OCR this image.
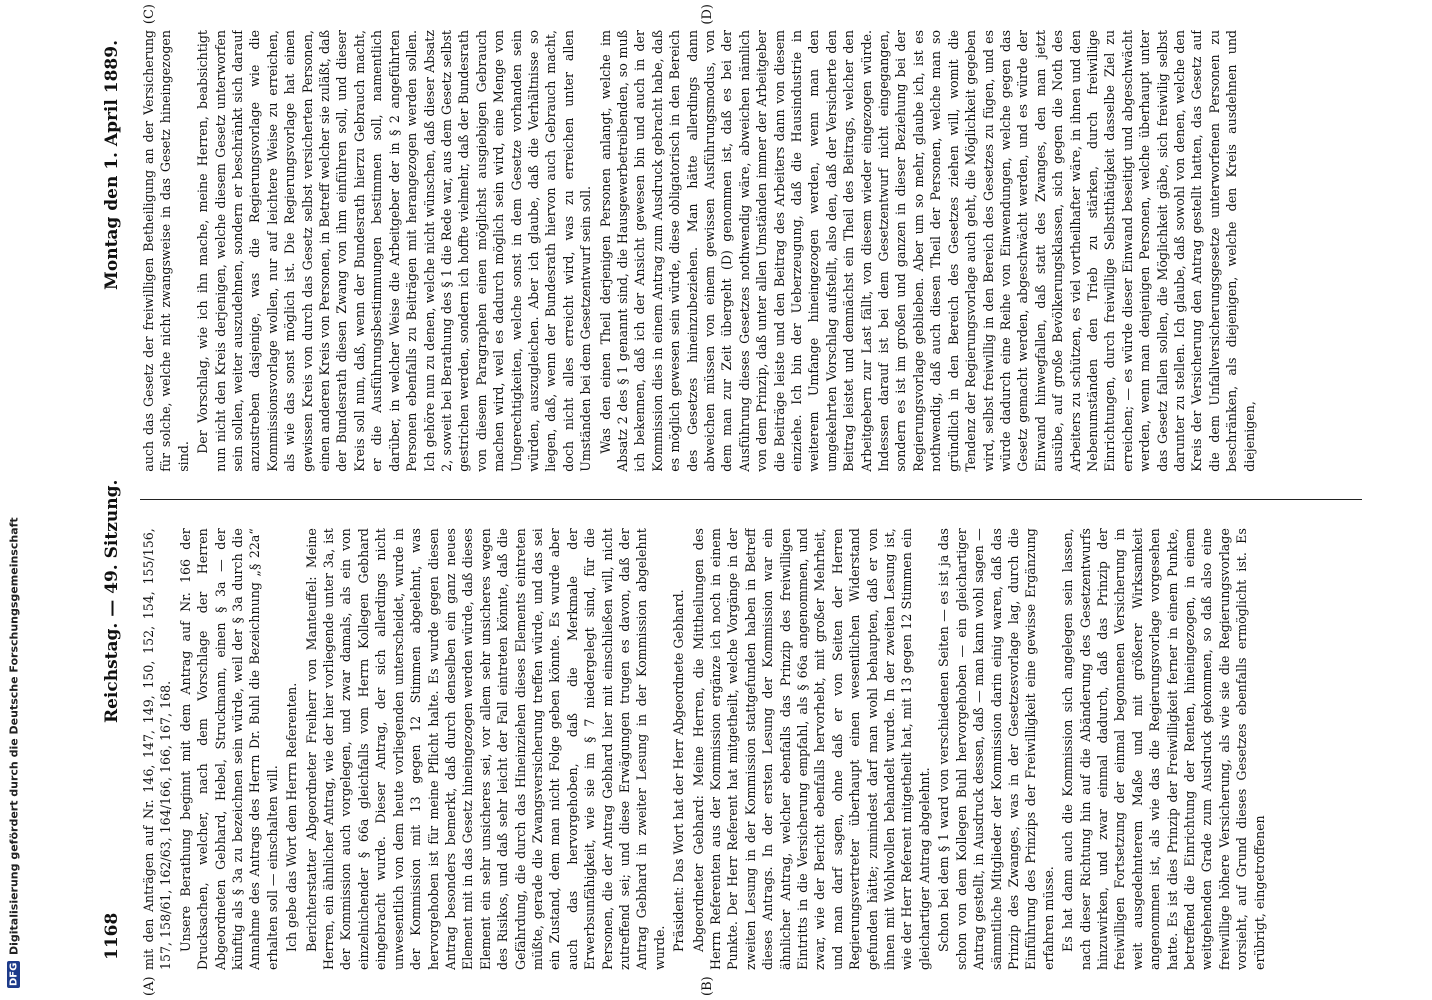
DFG
Digitalisierung gefördert durch die Deutsche Forschungsgemeinschaft	1168
Reichstag. — 49. Sitzung.
Montag den 1. April 1889.

mit den Anträgen auf Nr. 146, 147, 149, 150, 152, 154, 155/156, 157, 158/61, 162/63, 164/166, 166, 167, 168. Unsere Berathung beginnt mit dem Antrag auf Nr. 166 der Drucksachen, welcher, nach dem Vorschlage der Herren Abgeordneten Gebhard, Hebel, Struckmann, einen § 3a — der künftig als § 3a zu bezeichnen sein würde, weil der § 3a durch die Annahme des Antrags des Herrn Dr. Buhl die Bezeichnung „§ 22a“ erhalten soll — einschalten will. Ich gebe das Wort dem Herrn Referenten. Berichterstatter Abgeordneter Freiherr von Manteuffel: Meine Herren, ein ähnlicher Antrag, wie der hier vorliegende unter 3a, ist der Kommission auch vorgelegen, und zwar damals, als ein von einzelnichender § 66a gleichfalls vom Herrn Kollegen Gebhard eingebracht wurde. Dieser Antrag, der sich allerdings nicht unwesentlich von dem heute vorliegenden unterscheidet, wurde in der Kommission mit 13 gegen 12 Stimmen abgelehnt, was hervorgehoben ist für meine Pflicht halte. Es wurde gegen diesen Antrag besonders bemerkt, daß durch denselben ein ganz neues Element mit in das Gesetz hineingezogen werden würde, daß dieses Element ein sehr unsicheres sei, vor allem sehr unsicheres wegen des Risikos, und daß sehr leicht der Fall eintreten könnte, daß die Gefährdung, die durch das Hineinziehen dieses Elements eintreten müßte, gerade die Zwangsversicherung treffen würde, und das sei ein Zustand, dem man nicht Folge geben könnte. Es wurde aber auch das hervorgehoben, daß die Merkmale der Erwerbsunfähigkeit, wie sie im § 7 niedergelegt sind, für die Personen, die der Antrag Gebhard hier mit einschließen will, nicht zutreffend sei; und diese Erwägungen trugen es davon, daß der Antrag Gebhard in zweiter Lesung in der Kommission abgelehnt wurde. Präsident: Das Wort hat der Herr Abgeordnete Gebhard. Abgeordneter Gebhard: Meine Herren, die Mittheilungen des Herrn Referenten aus der Kommission ergänze ich noch in einem Punkte. Der Herr Referent hat mitgetheilt, welche Vorgänge in der zweiten Lesung in der Kommission stattgefunden haben in Betreff dieses Antrags. In der ersten Lesung der Kommission war ein ähnlicher Antrag, welcher ebenfalls das Prinzip des freiwilligen Eintritts in die Versicherung empfahl, als § 66a angenommen, und zwar, wie der Bericht ebenfalls hervorhebt, mit großer Mehrheit, und man darf sagen, ohne daß er von Seiten der Herren Regierungsvertreter überhaupt einen wesentlichen Widerstand gefunden hätte; zumindest darf man wohl behaupten, daß er von ihnen mit Wohlwollen behandelt wurde. In der zweiten Lesung ist, wie der Herr Referent mitgetheilt hat, mit 13 gegen 12 Stimmen ein gleichartiger Antrag abgelehnt. Schon bei dem § 1 ward von verschiedenen Seiten — es ist ja das schon von dem Kollegen Buhl hervorgehoben — ein gleichartiger Antrag gestellt, in Ausdruck dessen, daß — man kann wohl sagen — sämmtliche Mitglieder der Kommission darin einig waren, daß das Prinzip des Zwanges, was in der Gesetzesvorlage lag, durch die Einführung des Prinzips der Freiwilligkeit eine gewisse Ergänzung erfahren müsse. Es hat dann auch die Kommission sich angelegen sein lassen, nach dieser Richtung hin auf die Abänderung des Gesetzentwurfs hinzuwirken, und zwar einmal dadurch, daß das Prinzip der freiwilligen Fortsetzung der einmal begonnenen Versicherung in weit ausgedehnterem Maße und mit größerer Wirksamkeit angenommen ist, als wie das die Regierungsvorlage vorgesehen hatte. Es ist dies Prinzip der Freiwilligkeit ferner in einem Punkte, betreffend die Einrichtung der Renten, hineingezogen, in einem weitgehenden Grade zum Ausdruck gekommen, so daß also eine freiwillige höhere Versicherung, als wie sie die Regierungsvorlage vorsieht, auf Grund dieses Gesetzes ebenfalls ermöglicht ist. Es erübrigt, eingetroffenen

auch das Gesetz der freiwilligen Betheiligung an der Versicherung für solche, welche nicht zwangsweise in das Gesetz hineingezogen sind.

Der Vorschlag, wie ich ihn mache, meine Herren, beabsichtigt nun nicht den Kreis derjenigen, welche diesem Gesetz unterworfen sein sollen, weiter auszudehnen, sondern er beschränkt sich darauf anzustreben dasjenige, was die Regierungsvorlage wie die Kommissionsvorlage wollen, nur auf leichtere Weise zu erreichen, als wie das sonst möglich ist. Die Regierungsvorlage hat einen gewissen Kreis von durch das Gesetz selbst versicherten Personen, einen anderen Kreis von Personen, in Betreff welcher sie zuläßt, daß der Bundesrath diesen Zwang von ihm einführen soll, und dieser Kreis soll nun, daß, wenn der Bundesrath hierzu Gebrauch macht, er die Ausführungsbestimmungen bestimmen soll, namentlich darüber, in welcher Weise die Arbeitgeber der in § 2 angeführten Personen ebenfalls zu Beiträgen mit herangezogen werden sollen. Ich gehöre nun zu denen, welche nicht wünschen, daß dieser Absatz 2, soweit bei Berathung des § 1 die Rede war, aus dem Gesetz selbst gestrichen werden, sondern ich hoffte vielmehr, daß der Bundesrath von diesem Paragraphen einen möglichst ausgiebigen Gebrauch machen wird, weil es dadurch möglich sein wird, eine Menge von Ungerechtigkeiten, welche sonst in dem Gesetze vorhanden sein würden, auszugleichen. Aber ich glaube, daß die Verhältnisse so liegen, daß, wenn der Bundesrath hiervon auch Gebrauch macht, doch nicht alles erreicht wird, was zu erreichen unter allen Umständen bei dem Gesetzentwurf sein soll. Was den einen Theil derjenigen Personen anlangt, welche im Absatz 2 des § 1 genannt sind, die Hausgewerbetreibenden, so muß ich bekennen, daß ich der Ansicht gewesen bin und auch in der Kommission dies in einem Antrag zum Ausdruck gebracht habe, daß es möglich gewesen sein würde, diese obligatorisch in den Bereich des Gesetzes hineinzubeziehen. Man hätte allerdings dann abweichen müssen von einem gewissen Ausführungsmodus, von dem man zur Zeit übergeht (D) genommen ist, daß es bei der Ausführung dieses Gesetzes nothwendig wäre, abweichen nämlich von dem Prinzip, daß unter allen Umständen immer der Arbeitgeber die Beiträge leiste und den Beitrag des Arbeiters dann von diesem einziehe. Ich bin der Ueberzeugung, daß die Hausindustrie in weiterem Umfange hineingezogen werden, wenn man den umgekehrten Vorschlag aufstellt, also den, daß der Versicherte den Beitrag leistet und demnächst ein Theil des Beitrags, welcher den Arbeitgebern zur Last fällt, von diesem wieder eingezogen würde. Indessen darauf ist bei dem Gesetzentwurf nicht eingegangen, sondern es ist im großen und ganzen in dieser Beziehung bei der Regierungsvorlage geblieben. Aber um so mehr, glaube ich, ist es nothwendig, daß auch diesen Theil der Personen, welche man so gründlich in den Bereich des Gesetzes ziehen will, womit die Tendenz der Regierungsvorlage auch geht, die Möglichkeit gegeben wird, selbst freiwillig in den Bereich des Gesetzes zu fügen, und es würde dadurch eine Reihe von Einwendungen, welche gegen das Gesetz gemacht werden, abgeschwächt werden, und es würde der Einwand hinwegfallen, daß statt des Zwanges, den man jetzt ausübe, auf große Bevölkerungsklassen, sich gegen die Noth des Arbeiters zu schützen, es viel vortheilhafter wäre, in ihnen und den Nebenumständen den Trieb zu stärken, durch freiwillige Einrichtungen, durch freiwillige Selbstthätigkeit dasselbe Ziel zu erreichen; — es würde dieser Einwand beseitigt und abgeschwächt werden, wenn man denjenigen Personen, welche überhaupt unter das Gesetz fallen sollen, die Möglichkeit gäbe, sich freiwilig selbst darunter zu stellen. Ich glaube, daß sowohl von denen, welche den Kreis der Versicherung den Antrag gestellt hatten, das Gesetz auf die dem Unfallversicherungsgesetze unterworfenen Personen zu beschränken, als diejenigen, welche den Kreis ausdehnen und diejenigen,

(A)	(B)
(C)	(D)
